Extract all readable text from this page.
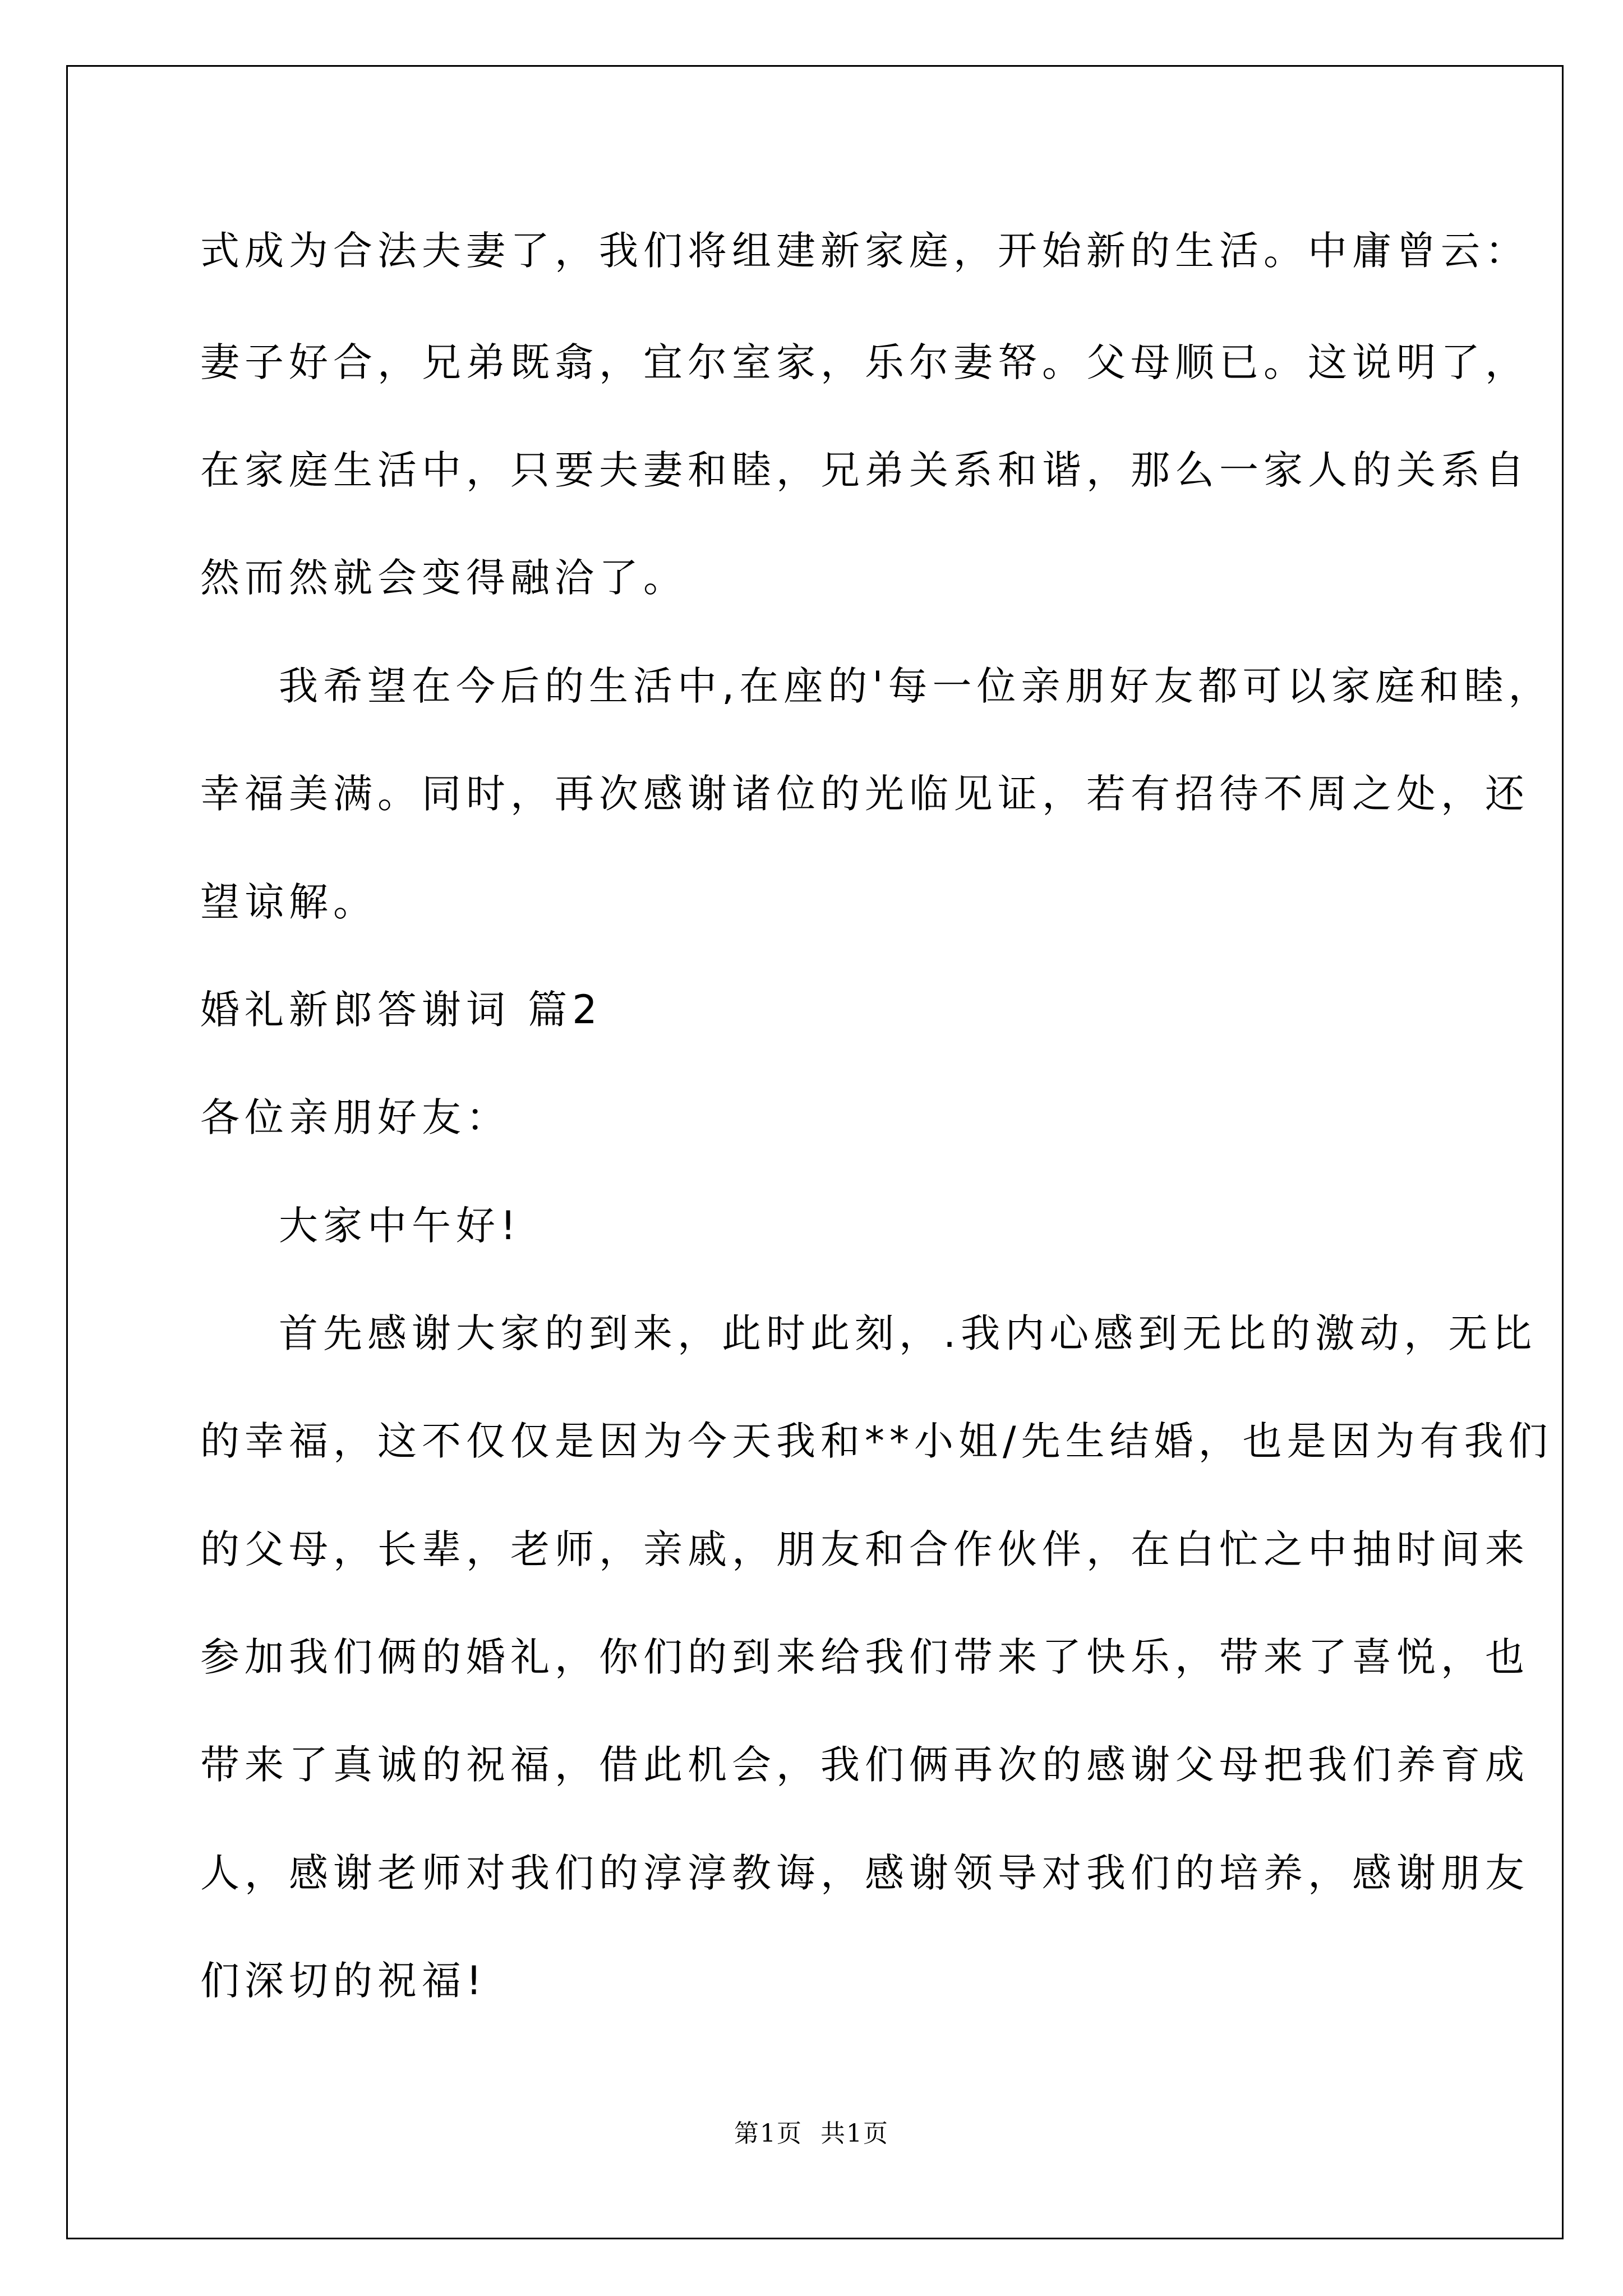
式成为合法夫妻了，我们将组建新家庭，开始新的生活。中庸曾云：
妻子好合，兄弟既翕，宜尔室家，乐尔妻帑。父母顺已。这说明了，
在家庭生活中，只要夫妻和睦，兄弟关系和谐，那么一家人的关系自
然而然就会变得融洽了。
我希望在今后的生活中,在座的'每一位亲朋好友都可以家庭和睦，
幸福美满。同时，再次感谢诸位的光临见证，若有招待不周之处，还
望谅解。
婚礼新郎答谢词 篇2
各位亲朋好友：
大家中午好!
首先感谢大家的到来，此时此刻，.我内心感到无比的激动，无比
的幸福，这不仅仅是因为今天我和**小姐/先生结婚，也是因为有我们
的父母，长辈，老师，亲戚，朋友和合作伙伴，在白忙之中抽时间来
参加我们俩的婚礼，你们的到来给我们带来了快乐，带来了喜悦，也
带来了真诚的祝福，借此机会，我们俩再次的感谢父母把我们养育成
人，感谢老师对我们的淳淳教诲，感谢领导对我们的培养，感谢朋友
们深切的祝福!
第1页  共1页
